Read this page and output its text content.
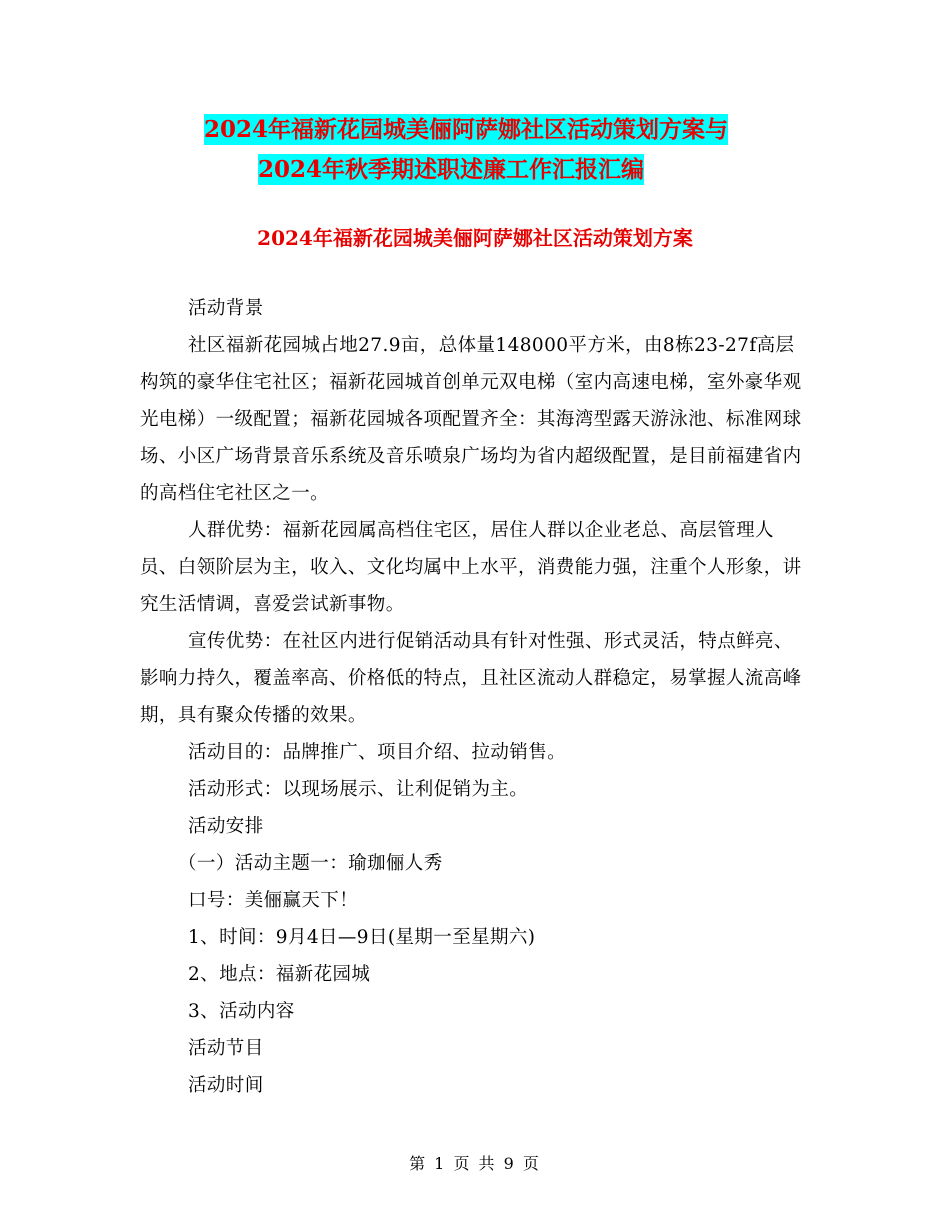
2024年福新花园城美俪阿萨娜社区活动策划方案与
2024年秋季期述职述廉工作汇报汇编
2024年福新花园城美俪阿萨娜社区活动策划方案

活动背景

社区福新花园城占地27.9亩，总体量148000平方米，由8栋23-27f高层构筑的豪华住宅社区；福新花园城首创单元双电梯（室内高速电梯，室外豪华观光电梯）一级配置；福新花园城各项配置齐全：其海湾型露天游泳池、标准网球场、小区广场背景音乐系统及音乐喷泉广场均为省内超级配置，是目前福建省内的高档住宅社区之一。

人群优势：福新花园属高档住宅区，居住人群以企业老总、高层管理人员、白领阶层为主，收入、文化均属中上水平，消费能力强，注重个人形象，讲究生活情调，喜爱尝试新事物。

宣传优势：在社区内进行促销活动具有针对性强、形式灵活，特点鲜亮、影响力持久，覆盖率高、价格低的特点，且社区流动人群稳定，易掌握人流高峰期，具有聚众传播的效果。

活动目的：品牌推广、项目介绍、拉动销售。

活动形式：以现场展示、让利促销为主。

活动安排

（一）活动主题一：瑜珈俪人秀

口号：美俪赢天下！

1、时间：9月4日—9日(星期一至星期六)

2、地点：福新花园城

3、活动内容

活动节目

活动时间

第 1 页 共 9 页
